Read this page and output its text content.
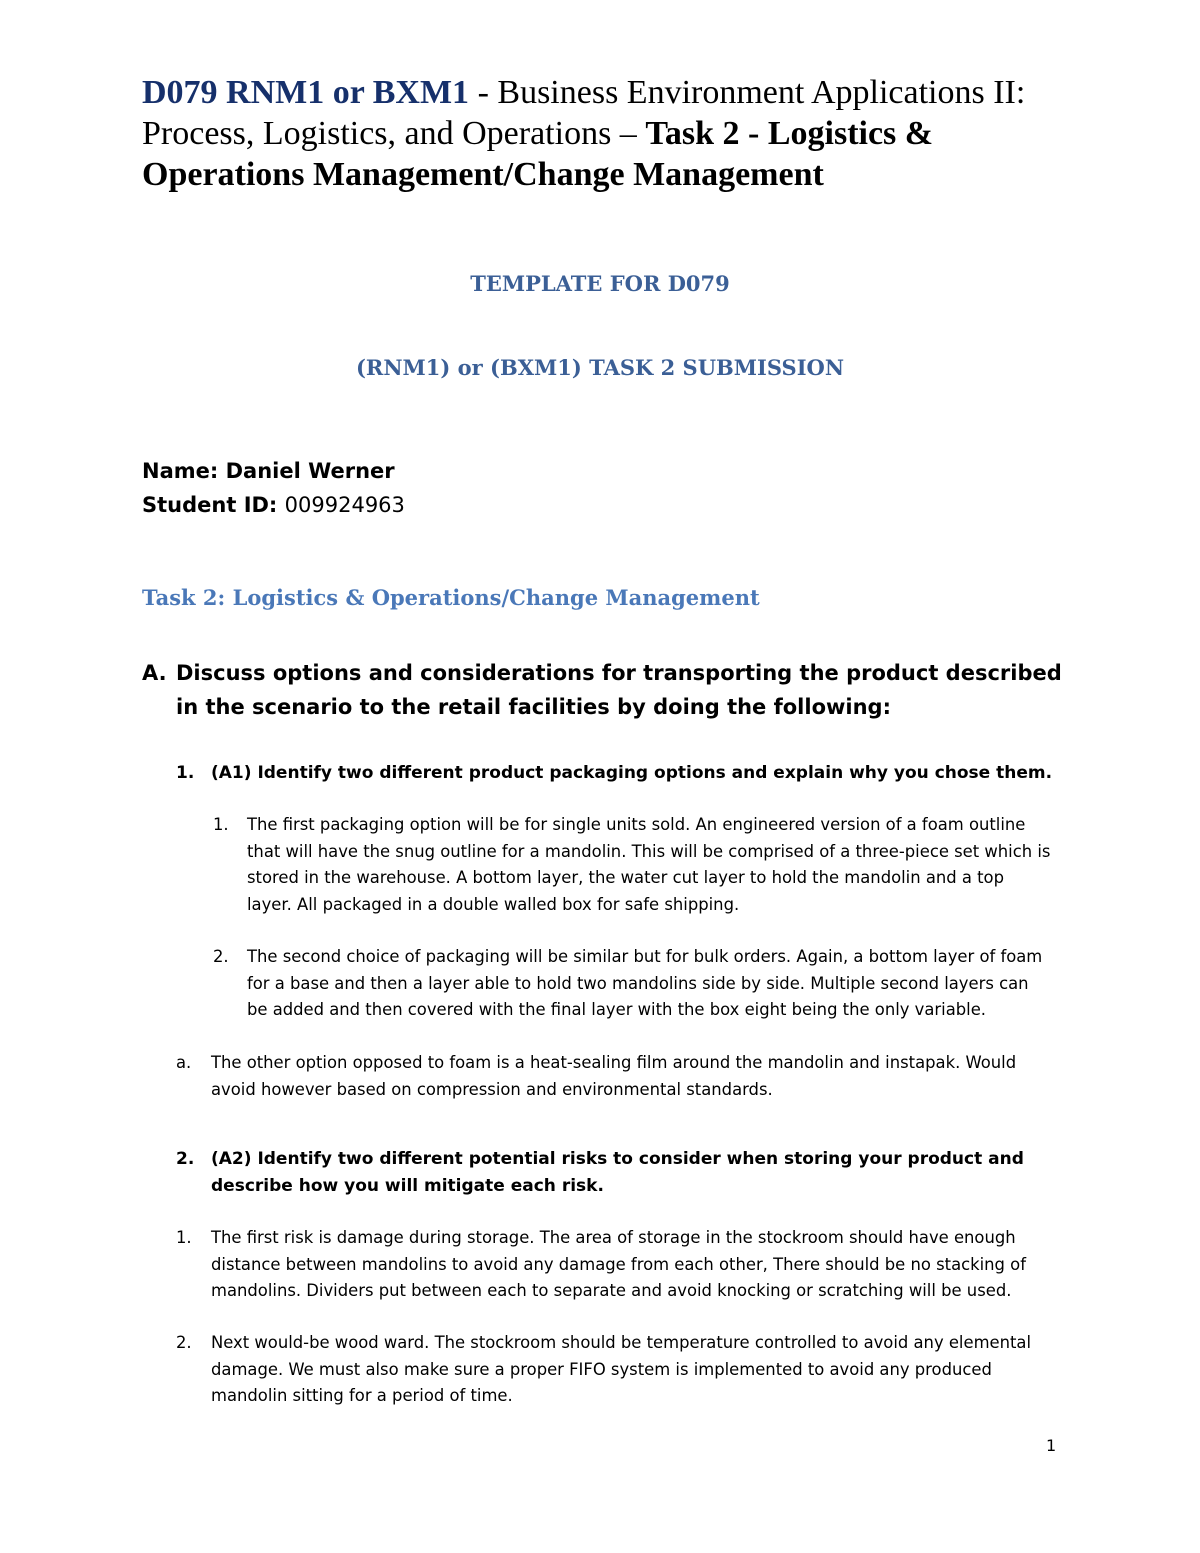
D079 RNM1 or BXM1 - Business Environment Applications II: Process, Logistics, and Operations – Task 2 - Logistics & Operations Management/Change Management
TEMPLATE FOR D079
(RNM1) or (BXM1) TASK 2 SUBMISSION

Name: Daniel Werner

Student ID: 009924963

Task 2: Logistics & Operations/Change Management
A. Discuss options and considerations for transporting the product described in the scenario to the retail facilities by doing the following:
1. (A1) Identify two different product packaging options and explain why you chose them.
1.	The first packaging option will be for single units sold. An engineered version of a foam outline that will have the snug outline for a mandolin. This will be comprised of a three-piece set which is stored in the warehouse. A bottom layer, the water cut layer to hold the mandolin and a top layer. All packaged in a double walled box for safe shipping.
2.	The second choice of packaging will be similar but for bulk orders. Again, a bottom layer of foam for a base and then a layer able to hold two mandolins side by side. Multiple second layers can be added and then covered with the final layer with the box eight being the only variable.
a.	The other option opposed to foam is a heat-sealing film around the mandolin and instapak. Would avoid however based on compression and environmental standards.
2. (A2) Identify two different potential risks to consider when storing your product and describe how you will mitigate each risk.
1.	The first risk is damage during storage. The area of storage in the stockroom should have enough distance between mandolins to avoid any damage from each other, There should be no stacking of mandolins. Dividers put between each to separate and avoid knocking or scratching will be used.
2.	Next would-be wood ward. The stockroom should be temperature controlled to avoid any elemental damage. We must also make sure a proper FIFO system is implemented to avoid any produced mandolin sitting for a period of time.

1
